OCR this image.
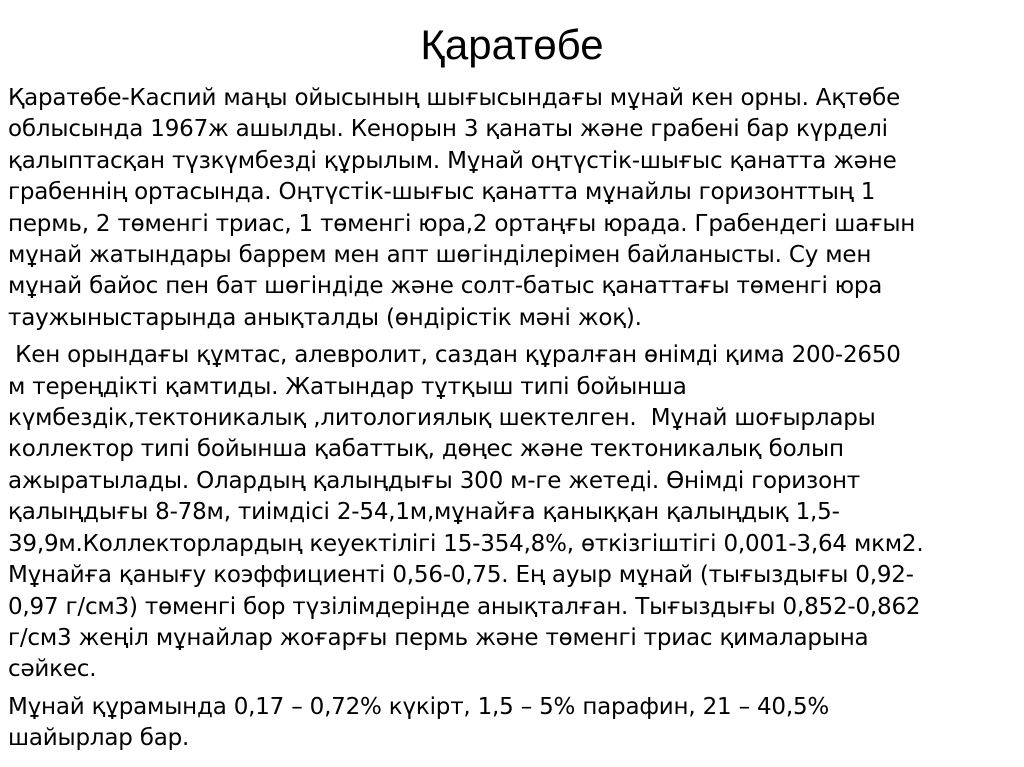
Қаратөбе

Қаратөбе-Каспий маңы ойысының шығысындағы мұнай кен орны. Ақтөбе
облысында 1967ж ашылды. Кенорын 3 қанаты және грабені бар күрделі
қалыптасқан түзкүмбезді құрылым. Мұнай оңтүстік-шығыс қанатта және
грабеннің ортасында. Оңтүстік-шығыс қанатта мұнайлы горизонттың 1
пермь, 2 төменгі триас, 1 төменгі юра,2 ортаңғы юрада. Грабендегі шағын
мұнай жатындары баррем мен апт шөгінділерімен байланысты. Су мен
мұнай байос пен бат шөгіндіде және солт-батыс қанаттағы төменгі юра
таужыныстарында анықталды (өндірістік мәні жоқ).

Кен орындағы құмтас, алевролит, саздан құралған өнімді қима 200-2650
м тереңдікті қамтиды. Жатындар тұтқыш типі бойынша
күмбездік,тектоникалық ,литологиялық шектелген.  Мұнай шоғырлары
коллектор типі бойынша қабаттық, дөңес және тектоникалық болып
ажыратылады. Олардың қалыңдығы 300 м-ге жетеді. Өнімді горизонт
қалыңдығы 8-78м, тиімдісі 2-54,1м,мұнайға қаныққан қалыңдық 1,5-
39,9м.Коллекторлардың кеуектілігі 15-354,8%, өткізгіштігі 0,001-3,64 мкм2.
Мұнайға қанығу коэффициенті 0,56-0,75. Ең ауыр мұнай (тығыздығы 0,92-
0,97 г/см3) төменгі бор түзілімдерінде анықталған. Тығыздығы 0,852-0,862
г/см3 жеңіл мұнайлар жоғарғы пермь және төменгі триас қималарына
сәйкес.

Мұнай құрамында 0,17 – 0,72% күкірт, 1,5 – 5% парафин, 21 – 40,5%
шайырлар бар.
